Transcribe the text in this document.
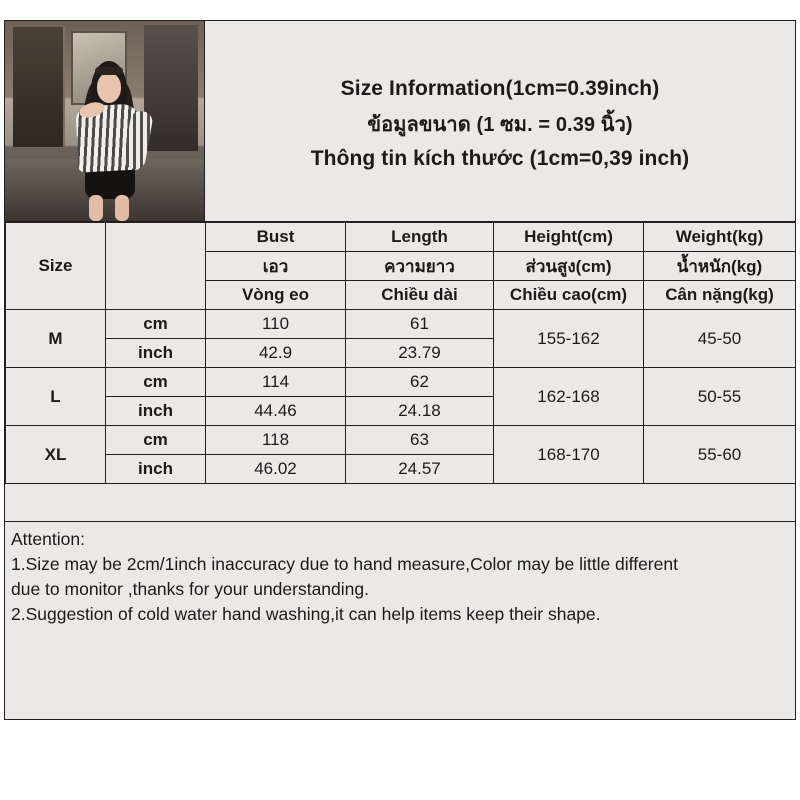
Size Information(1cm=0.39inch)
ข้อมูลขนาด (1 ซม. = 0.39 นิ้ว)
Thông tin kích thước (1cm=0,39 inch)
Size		Bust	Length	Height(cm)	Weight(kg)
		เอว	ความยาว	ส่วนสูง(cm)	น้ำหนัก(kg)
		Vòng eo	Chiều dài	Chiều cao(cm)	Cân nặng(kg)
M	cm	110	61	155-162	45-50
	inch	42.9	23.79		
L	cm	114	62	162-168	50-55
	inch	44.46	24.18		
XL	cm	118	63	168-170	55-60
	inch	46.02	24.57		

Attention:

1.Size may be 2cm/1inch inaccuracy due to hand measure,Color may be little different

due to monitor ,thanks for your understanding.

2.Suggestion of cold water hand washing,it can help items keep their shape.
